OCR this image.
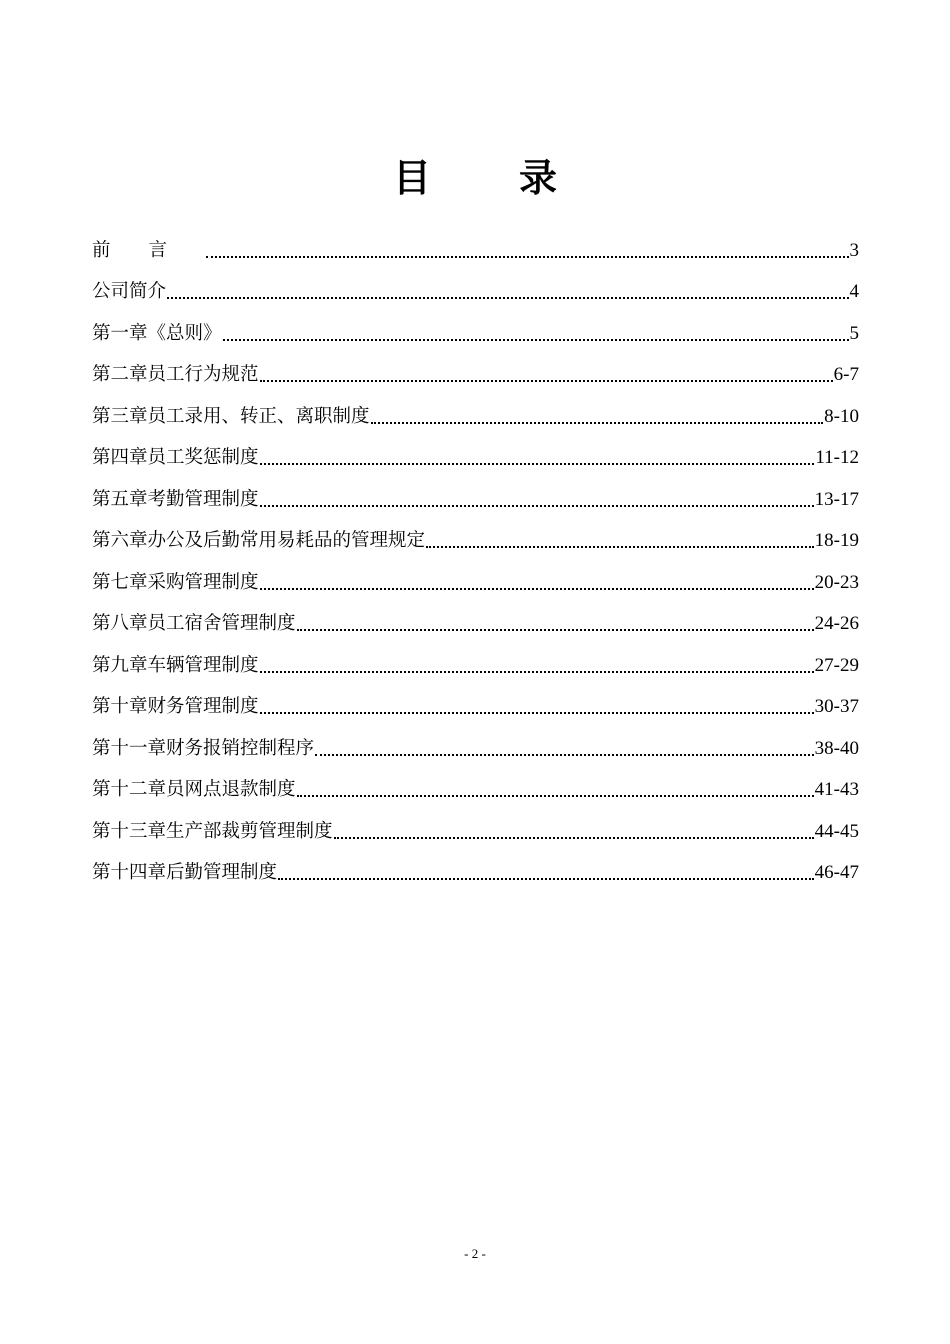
目 录
前言	3
公司简介	4
第一章《总则》	5
第二章员工行为规范	6-7
第三章员工录用、转正、离职制度	8-10
第四章员工奖惩制度	11-12
第五章考勤管理制度	13-17
第六章办公及后勤常用易耗品的管理规定	18-19
第七章采购管理制度	20-23
第八章员工宿舍管理制度	24-26
第九章车辆管理制度	27-29
第十章财务管理制度	30-37
第十一章财务报销控制程序	38-40
第十二章员网点退款制度	41-43
第十三章生产部裁剪管理制度	44-45
第十四章后勤管理制度	46-47
- 2 -
